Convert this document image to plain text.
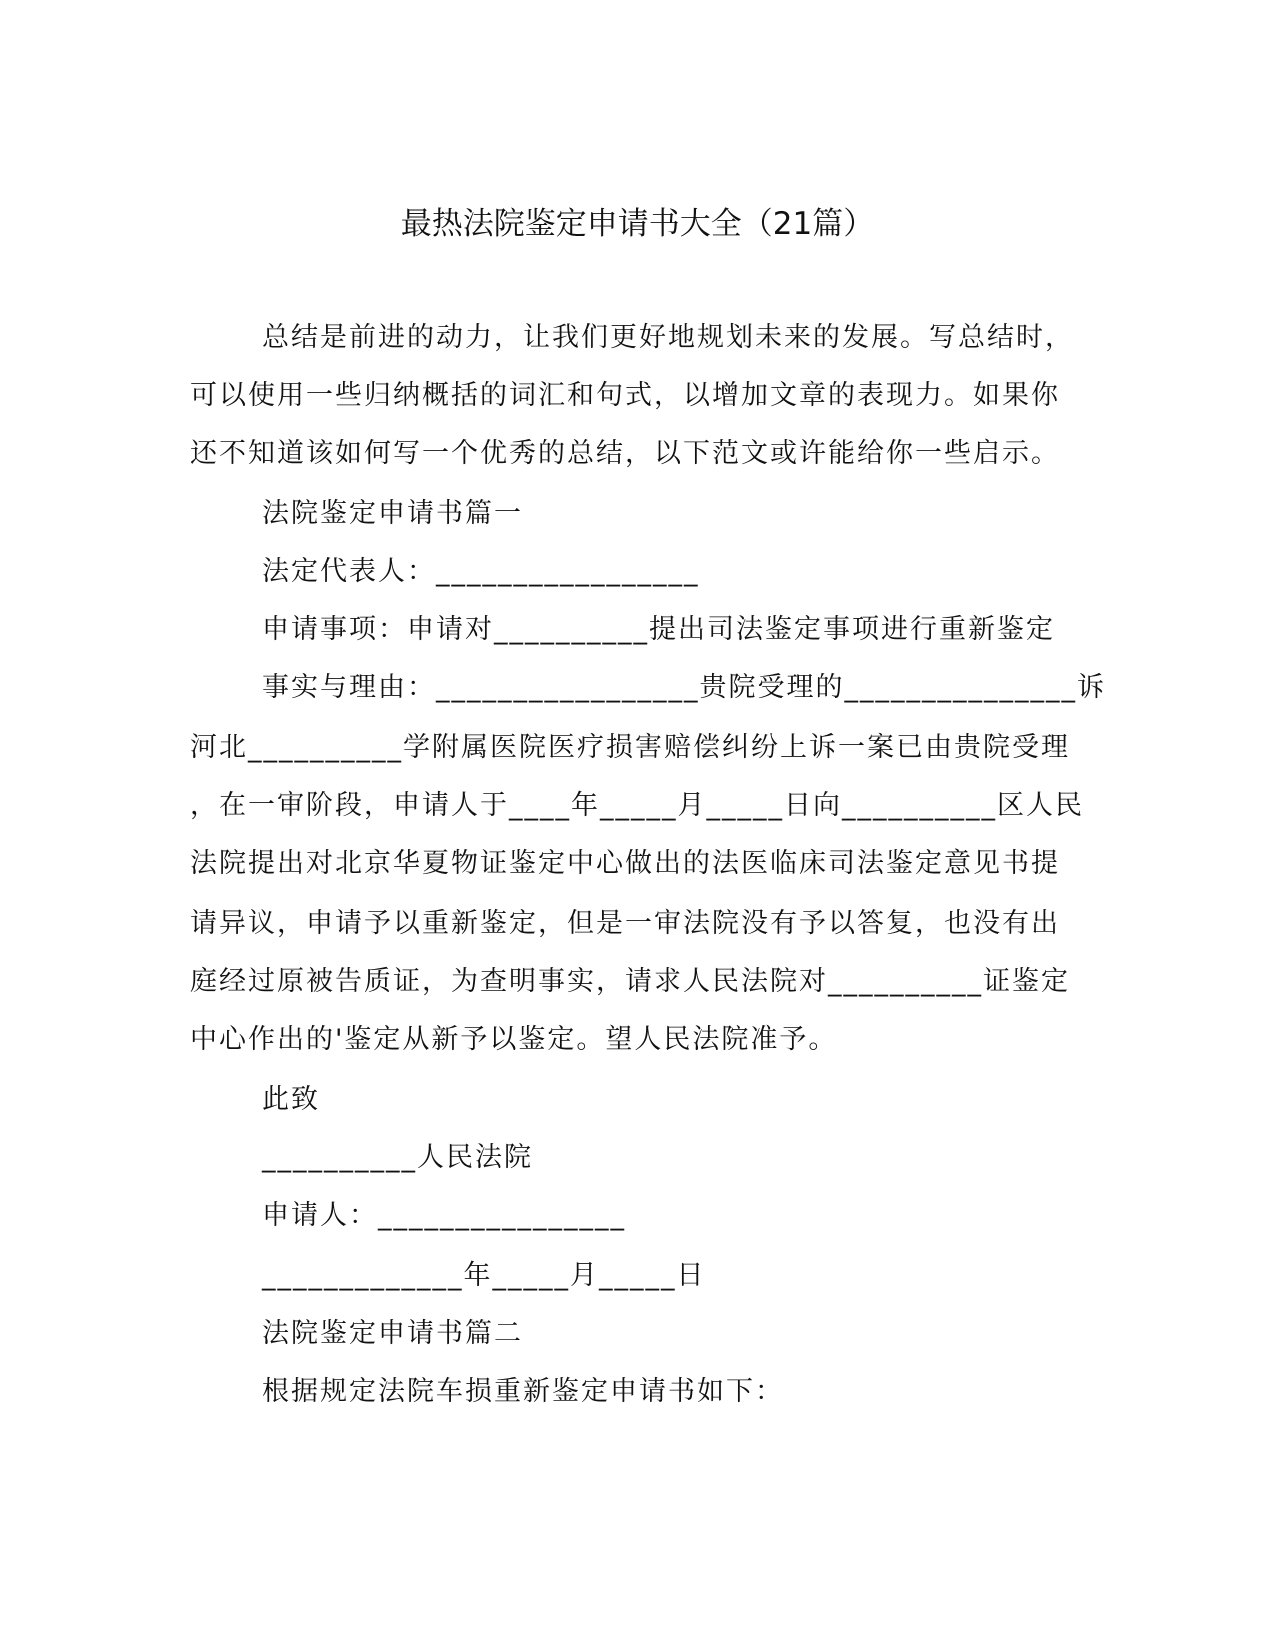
最热法院鉴定申请书大全（21篇）
总结是前进的动力，让我们更好地规划未来的发展。写总结时，
可以使用一些归纳概括的词汇和句式，以增加文章的表现力。如果你
还不知道该如何写一个优秀的总结，以下范文或许能给你一些启示。
法院鉴定申请书篇一
法定代表人：_________________
申请事项：申请对__________提出司法鉴定事项进行重新鉴定
事实与理由：_________________贵院受理的_______________诉
河北__________学附属医院医疗损害赔偿纠纷上诉一案已由贵院受理
，在一审阶段，申请人于____年_____月_____日向__________区人民
法院提出对北京华夏物证鉴定中心做出的法医临床司法鉴定意见书提
请异议，申请予以重新鉴定，但是一审法院没有予以答复，也没有出
庭经过原被告质证，为查明事实，请求人民法院对__________证鉴定
中心作出的'鉴定从新予以鉴定。望人民法院准予。
此致
__________人民法院
申请人：________________
_____________年_____月_____日
法院鉴定申请书篇二
根据规定法院车损重新鉴定申请书如下：
